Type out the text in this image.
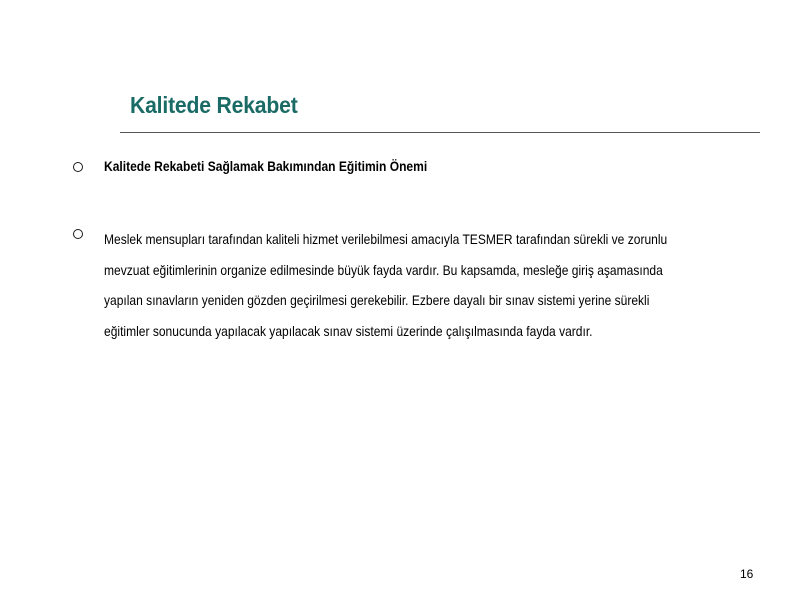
Kalitede Rekabet
Kalitede Rekabeti Sağlamak Bakımından Eğitimin Önemi
Meslek mensupları tarafından kaliteli hizmet verilebilmesi amacıyla TESMER tarafından sürekli ve zorunlu
mevzuat eğitimlerinin organize edilmesinde büyük fayda vardır. Bu kapsamda, mesleğe giriş aşamasında
yapılan sınavların yeniden gözden geçirilmesi gerekebilir. Ezbere dayalı bir sınav sistemi yerine sürekli
eğitimler sonucunda yapılacak yapılacak sınav sistemi üzerinde çalışılmasında fayda vardır.
16
